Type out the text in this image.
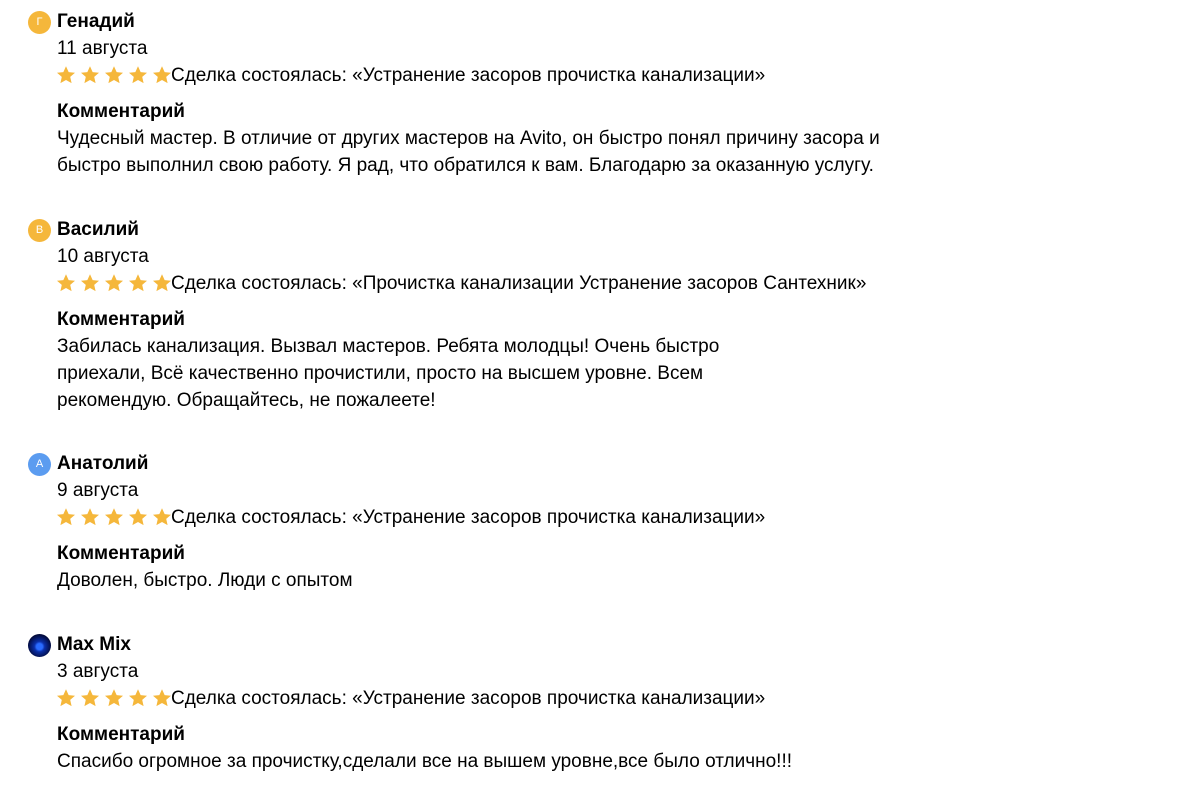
Г Генадий
11 августа
Сделка состоялась: «Устранение засоров прочистка канализации»
Комментарий
Чудесный мастер. В отличие от других мастеров на Avito, он быстро понял причину засора и
быстро выполнил свою работу. Я рад, что обратился к вам. Благодарю за оказанную услугу.
В Василий
10 августа
Сделка состоялась: «Прочистка канализации Устранение засоров Сантехник»
Комментарий
Забилась канализация. Вызвал мастеров. Ребята молодцы! Очень быстро
приехали, Всё качественно прочистили, просто на высшем уровне. Всем
рекомендую. Обращайтесь, не пожалеете!
А Анатолий
9 августа
Сделка состоялась: «Устранение засоров прочистка канализации»
Комментарий
Доволен, быстро. Люди с опытом
Max Mix
3 августа
Сделка состоялась: «Устранение засоров прочистка канализации»
Комментарий
Спасибо огромное за прочистку,сделали все на вышем уровне,все было отлично!!!
